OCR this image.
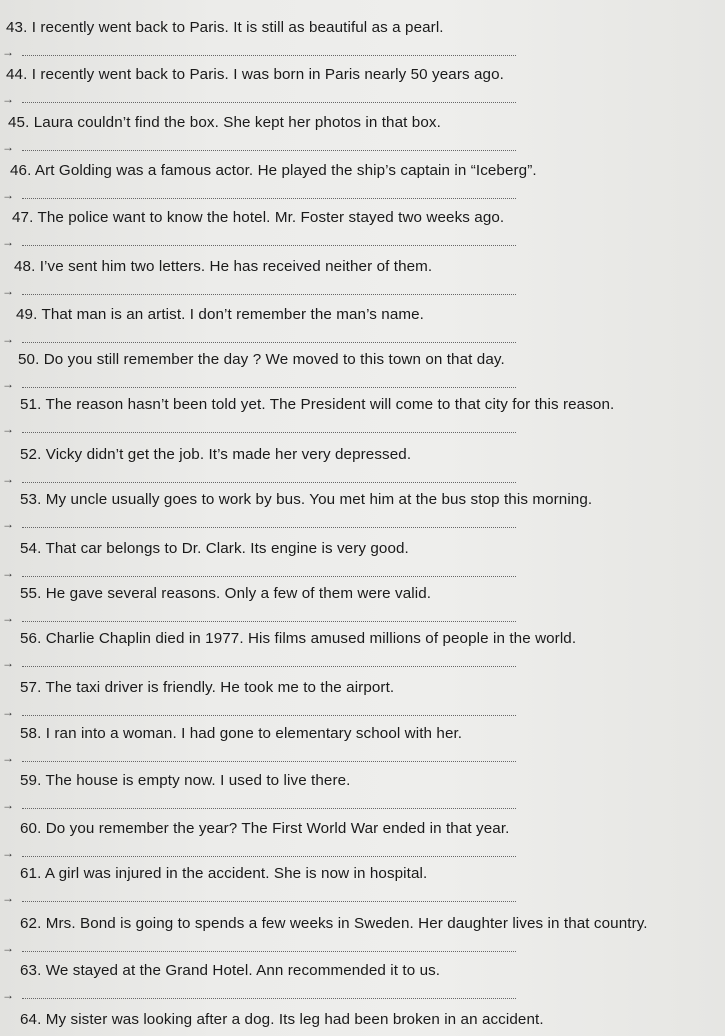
43. I recently went back to Paris. It is still as beautiful as a pearl.
→
44. I recently went back to Paris. I was born in Paris nearly 50 years ago.
→
45. Laura couldn’t find the box. She kept her photos in that box.
→
46. Art Golding was a famous actor. He played the ship’s captain in “Iceberg”.
→
47. The police want to know the hotel. Mr. Foster stayed two weeks ago.
→
48. I’ve sent him two letters. He has received neither of them.
→
49. That man is an artist. I don’t remember the man’s name.
→
50. Do you still remember the day ? We moved to this town on that day.
→
51. The reason hasn’t been told yet. The President will come to that city for this reason.
→
52. Vicky didn’t get the job. It’s made her very depressed.
→
53. My uncle usually goes to work by bus. You met him at the bus stop this morning.
→
54. That car belongs to Dr. Clark. Its engine is very good.
→
55. He gave several reasons. Only a few of them were valid.
→
56. Charlie Chaplin died in 1977. His films amused millions of people in the world.
→
57. The taxi driver is friendly. He took me to the airport.
→
58. I ran into a woman. I had gone to elementary school with her.
→
59. The house is empty now. I used to live there.
→
60. Do you remember the year? The First World War ended in that year.
→
61. A girl was injured in the accident. She is now in hospital.
→
62. Mrs. Bond is going to spends a few weeks in Sweden. Her daughter lives in that country.
→
63. We stayed at the Grand Hotel. Ann recommended it to us.
→
64. My sister was looking after a dog. Its leg had been broken in an accident.
